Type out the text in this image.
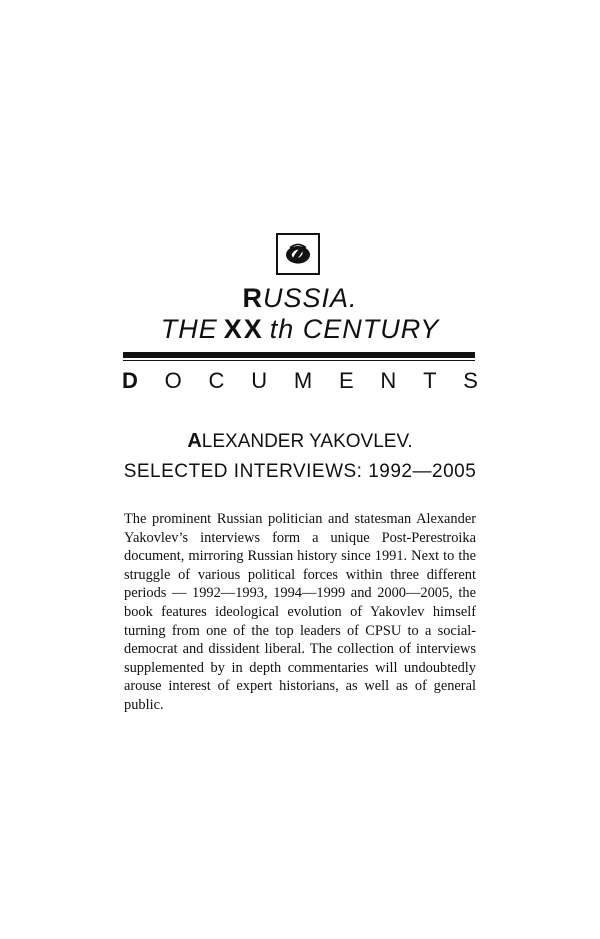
RUSSIA.
THE XX th CENTURY
D O C U M E N T S
ALEXANDER YAKOVLEV.
SELECTED INTERVIEWS: 1992—2005

The prominent Russian politician and statesman Alexander Yakovlev’s interviews form a unique Post-Perestroika document, mirroring Russian history since 1991. Next to the struggle of various political forces within three different periods — 1992—1993, 1994—1999 and 2000—2005, the book features ideological evolution of Yakovlev himself turning from one of the top leaders of CPSU to a social-democrat and dissident liberal. The collection of interviews supplemented by in depth commentaries will undoubtedly arouse interest of expert historians, as well as of general public.
